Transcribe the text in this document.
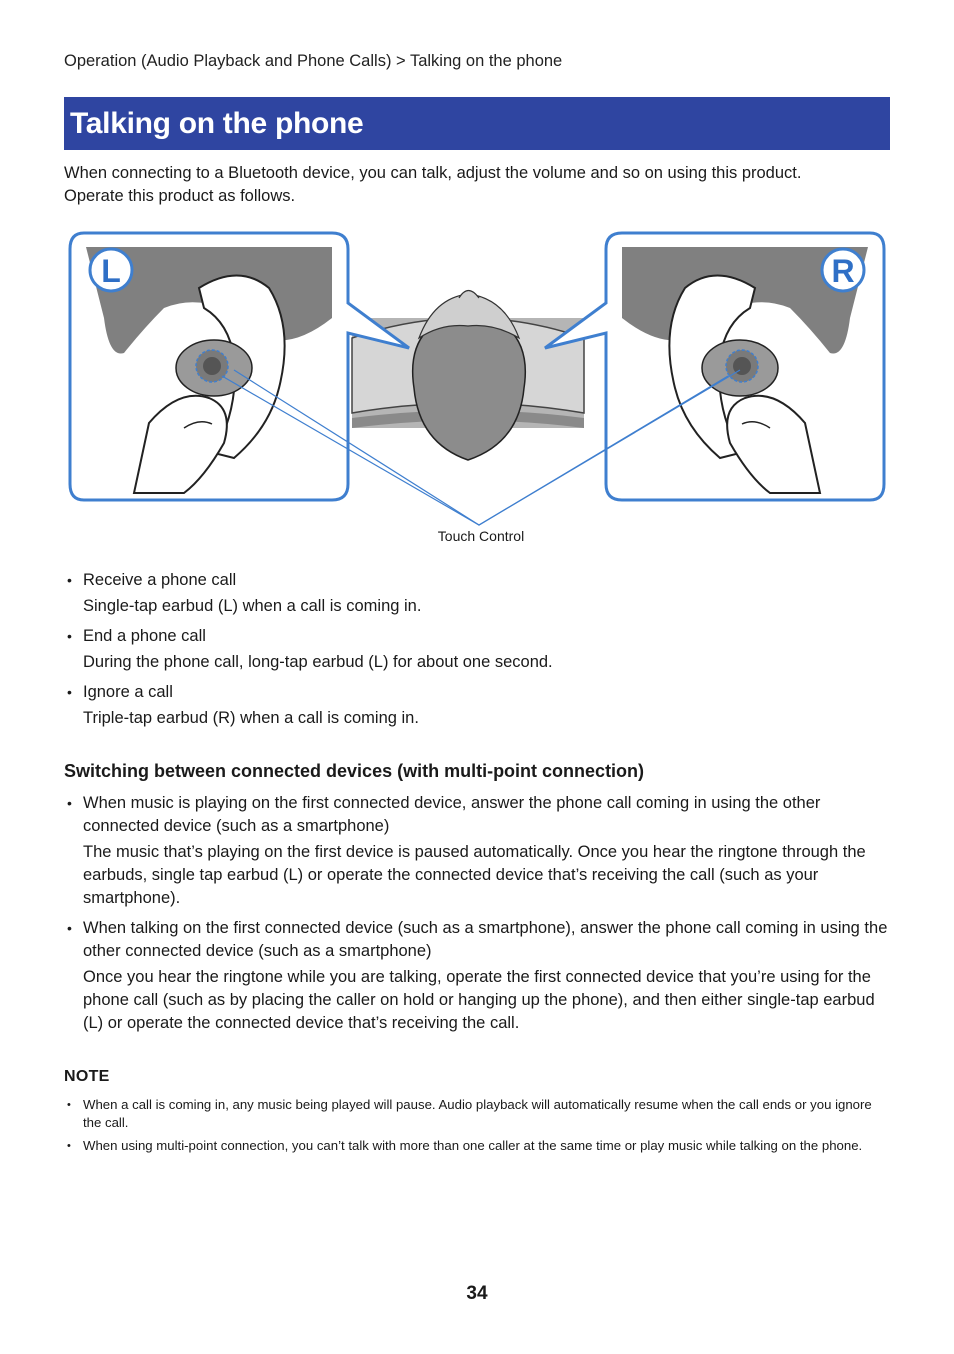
Operation (Audio Playback and Phone Calls) > Talking on the phone
Talking on the phone

When connecting to a Bluetooth device, you can talk, adjust the volume and so on using this product.

Operate this product as follows.

L	R
Touch Control
• Receive a phone call
Single-tap earbud (L) when a call is coming in.
• End a phone call
During the phone call, long-tap earbud (L) for about one second.
• Ignore a call
Triple-tap earbud (R) when a call is coming in.
Switching between connected devices (with multi-point connection)
• When music is playing on the first connected device, answer the phone call coming in using the other connected device (such as a smartphone)
The music that’s playing on the first device is paused automatically. Once you hear the ringtone through the earbuds, single tap earbud (L) or operate the connected device that’s receiving the call (such as your smartphone).
• When talking on the first connected device (such as a smartphone), answer the phone call coming in using the other connected device (such as a smartphone)
Once you hear the ringtone while you are talking, operate the first connected device that you’re using for the phone call (such as by placing the caller on hold or hanging up the phone), and then either single-tap earbud (L) or operate the connected device that’s receiving the call.
NOTE
• When a call is coming in, any music being played will pause. Audio playback will automatically resume when the call ends or you ignore the call.
• When using multi-point connection, you can’t talk with more than one caller at the same time or play music while talking on the phone.
34
